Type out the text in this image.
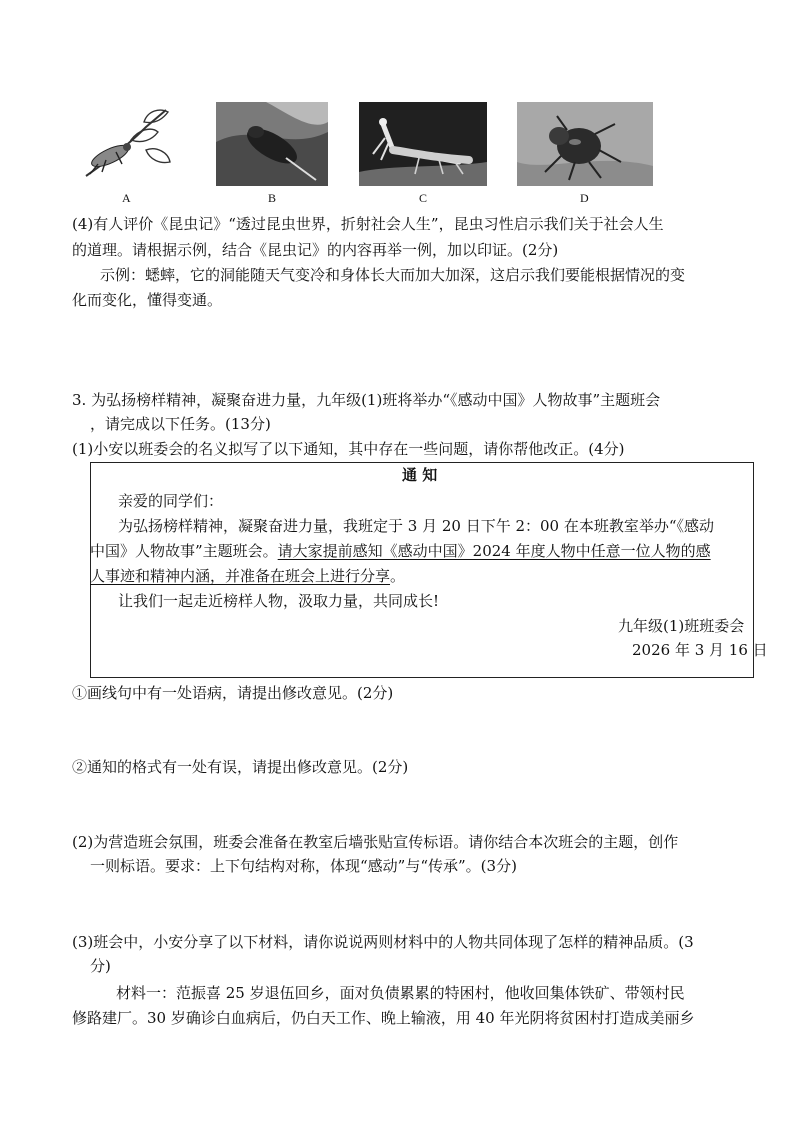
A	B	C	D
(4)有人评价《昆虫记》“透过昆虫世界，折射社会人生”，昆虫习性启示我们关于社会人生
的道理。请根据示例，结合《昆虫记》的内容再举一例，加以印证。(2分)
示例：蟋蟀，它的洞能随天气变冷和身体长大而加大加深，这启示我们要能根据情况的变
化而变化，懂得变通。
3. 为弘扬榜样精神，凝聚奋进力量，九年级(1)班将举办“《感动中国》人物故事”主题班会
，请完成以下任务。(13分)
(1)小安以班委会的名义拟写了以下通知，其中存在一些问题，请你帮他改正。(4分)
通 知
亲爱的同学们：
为弘扬榜样精神，凝聚奋进力量，我班定于 3 月 20 日下午 2：00 在本班教室举办“《感动
中国》人物故事”主题班会。请大家提前感知《感动中国》2024 年度人物中任意一位人物的感
人事迹和精神内涵，并准备在班会上进行分享。
让我们一起走近榜样人物，汲取力量，共同成长!
九年级(1)班班委会
2026 年 3 月 16 日
①画线句中有一处语病，请提出修改意见。(2分)
②通知的格式有一处有误，请提出修改意见。(2分)
(2)为营造班会氛围，班委会准备在教室后墙张贴宣传标语。请你结合本次班会的主题，创作
一则标语。要求：上下句结构对称，体现“感动”与“传承”。(3分)
(3)班会中，小安分享了以下材料，请你说说两则材料中的人物共同体现了怎样的精神品质。(3
分)
材料一：范振喜 25 岁退伍回乡，面对负债累累的特困村，他收回集体铁矿、带领村民
修路建厂。30 岁确诊白血病后，仍白天工作、晚上输液，用 40 年光阴将贫困村打造成美丽乡
